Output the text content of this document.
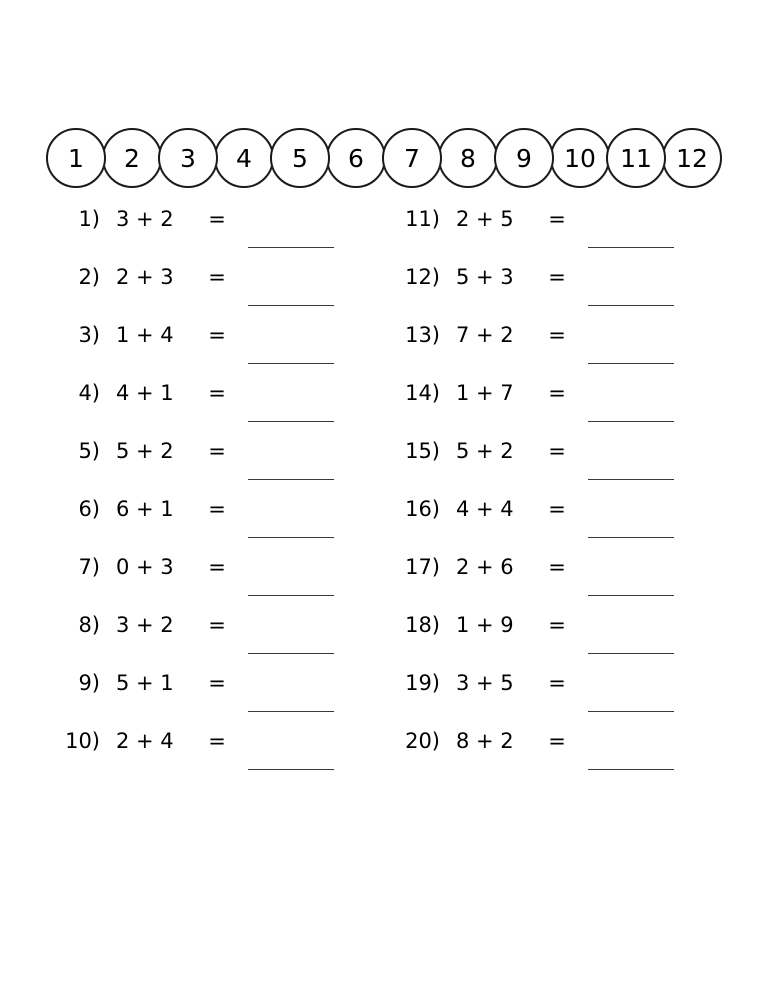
1 2 3 4 5 6 7 8 9 10 11 12
1) 3 + 2	=
2) 2 + 3	=
3) 1 + 4	=
4) 4 + 1	=
5) 5 + 2	=
6) 6 + 1	=
7) 0 + 3	=
8) 3 + 2	=
9) 5 + 1	=
10) 2 + 4	=
11) 2 + 5	=
12) 5 + 3	=
13) 7 + 2	=
14) 1 + 7	=
15) 5 + 2	=
16) 4 + 4	=
17) 2 + 6	=
18) 1 + 9	=
19) 3 + 5	=
20) 8 + 2	=
